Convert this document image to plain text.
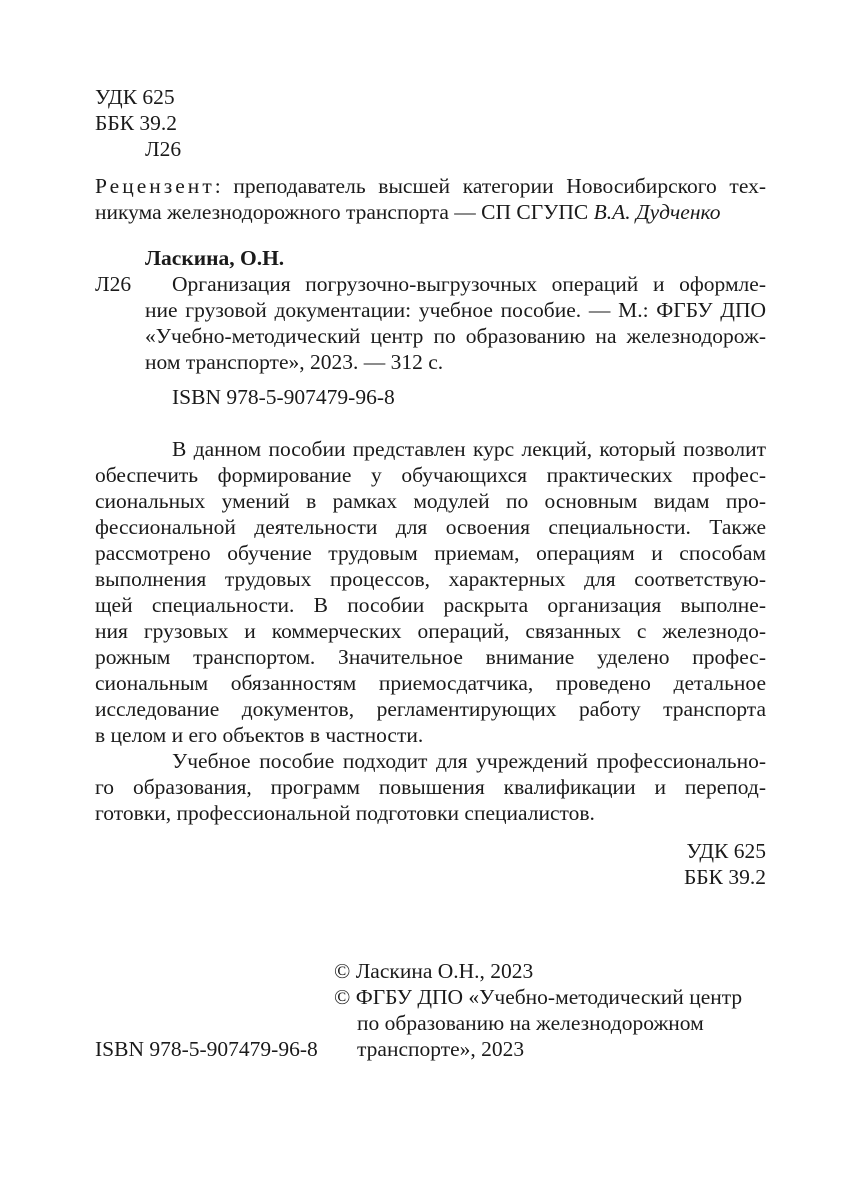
УДК 625
ББК 39.2
Л26
Рецензент: преподаватель высшей категории Новосибирского тех-
никума железнодорожного транспорта — СП СГУПС В.А. Дудченко
Ласкина, О.Н.
Л26 Организация погрузочно-выгрузочных операций и оформле-
ние грузовой документации: учебное пособие. — М.: ФГБУ ДПО
«Учебно-методический центр по образованию на железнодорож-
ном транспорте», 2023. — 312 с.
ISBN 978-5-907479-96-8
В данном пособии представлен курс лекций, который позволит
обеспечить формирование у обучающихся практических профес-
сиональных умений в рамках модулей по основным видам про-
фессиональной деятельности для освоения специальности. Также
рассмотрено обучение трудовым приемам, операциям и способам
выполнения трудовых процессов, характерных для соответствую-
щей специальности. В пособии раскрыта организация выполне-
ния грузовых и коммерческих операций, связанных с железнодо-
рожным транспортом. Значительное внимание уделено профес-
сиональным обязанностям приемосдатчика, проведено детальное
исследование документов, регламентирующих работу транспорта
в целом и его объектов в частности.
Учебное пособие подходит для учреждений профессионально-
го образования, программ повышения квалификации и перепод-
готовки, профессиональной подготовки специалистов.
УДК 625
ББК 39.2
© Ласкина О.Н., 2023
© ФГБУ ДПО «Учебно-методический центр
по образованию на железнодорожном
транспорте», 2023
ISBN 978-5-907479-96-8
